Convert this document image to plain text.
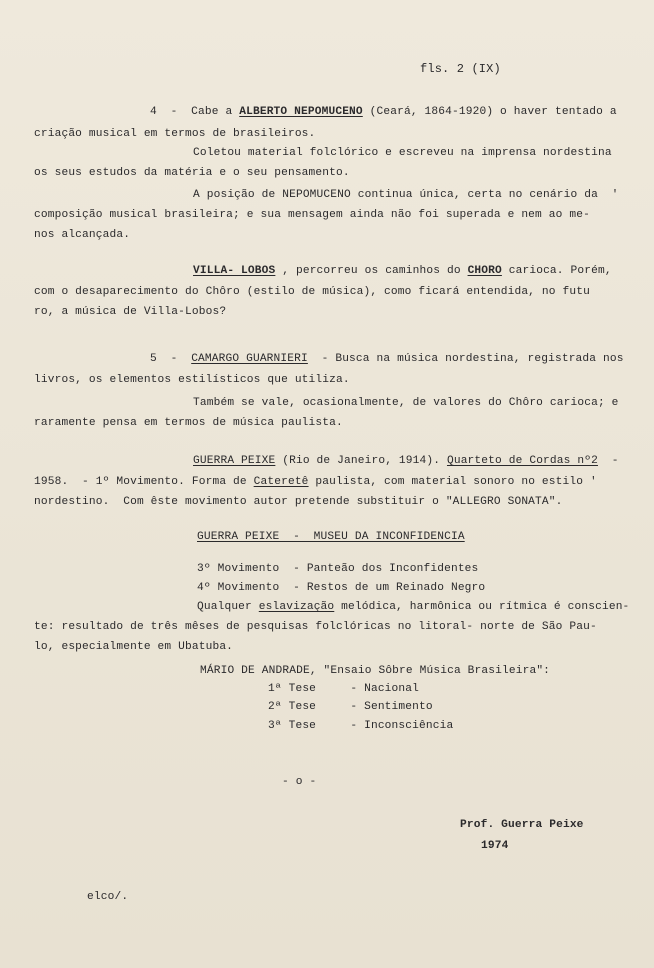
fls. 2 (IX)
4  -  Cabe a ALBERTO NEPOMUCENO (Ceará, 1864-1920) o haver tentado a
criação musical em termos de brasileiros.
Coletou material folclórico e escreveu na imprensa nordestina
os seus estudos da matéria e o seu pensamento.
A posição de NEPOMUCENO continua única, certa no cenário da  '
composição musical brasileira; e sua mensagem ainda não foi superada e nem ao me-
nos alcançada.
VILLA- LOBOS , percorreu os caminhos do CHORO carioca. Porém,
com o desaparecimento do Chôro (estilo de música), como ficará entendida, no futu
ro, a música de Villa-Lobos?
5  -  CAMARGO GUARNIERI  - Busca na música nordestina, registrada nos
livros, os elementos estilísticos que utiliza.
Também se vale, ocasionalmente, de valores do Chôro carioca; e
raramente pensa em termos de música paulista.
GUERRA PEIXE (Rio de Janeiro, 1914). Quarteto de Cordas nº2  -
1958.  - 1º Movimento. Forma de Cateretê paulista, com material sonoro no estilo '
nordestino.  Com êste movimento autor pretende substituir o "ALLEGRO SONATA".
GUERRA PEIXE  -  MUSEU DA INCONFIDENCIA
3º Movimento  - Panteão dos Inconfidentes
4º Movimento  - Restos de um Reinado Negro
Qualquer eslavização melódica, harmônica ou rítmica é conscien-
te: resultado de três mêses de pesquisas folclóricas no litoral- norte de São Pau-
lo, especialmente em Ubatuba.
MÁRIO DE ANDRADE, "Ensaio Sôbre Música Brasileira":
1ª Tese     - Nacional
2ª Tese     - Sentimento
3ª Tese     - Inconsciência
- o -
Prof. Guerra Peixe
1974
elco/.
